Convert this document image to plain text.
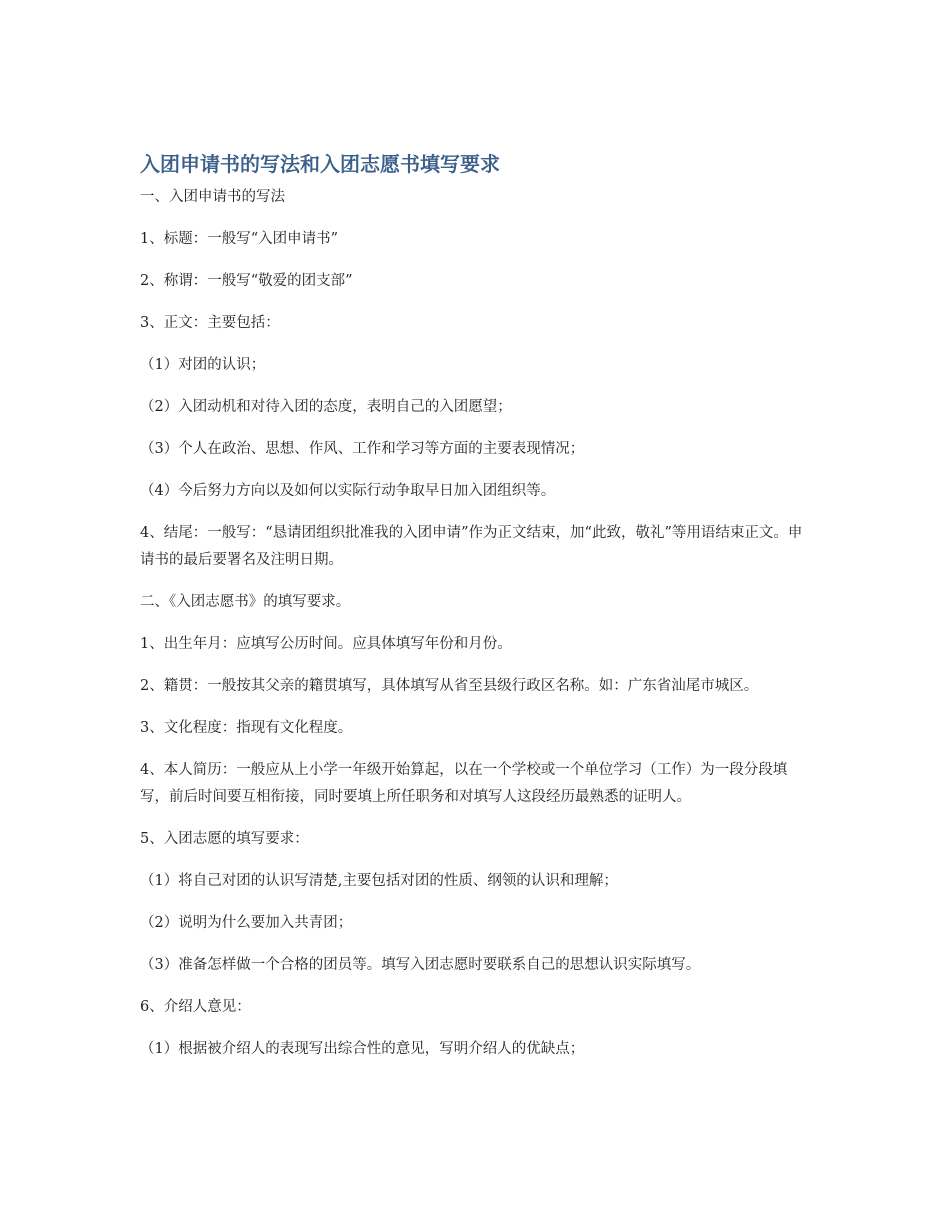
入团申请书的写法和入团志愿书填写要求

一、入团申请书的写法

1、标题：一般写“入团申请书”

2、称谓：一般写“敬爱的团支部”

3、正文：主要包括：

（1）对团的认识；

（2）入团动机和对待入团的态度，表明自己的入团愿望；

（3）个人在政治、思想、作风、工作和学习等方面的主要表现情况；

（4）今后努力方向以及如何以实际行动争取早日加入团组织等。

4、结尾：一般写：“恳请团组织批准我的入团申请”作为正文结束，加“此致，敬礼”等用语结束正文。申请书的最后要署名及注明日期。

二、《入团志愿书》的填写要求。

1、出生年月：应填写公历时间。应具体填写年份和月份。

2、籍贯：一般按其父亲的籍贯填写，具体填写从省至县级行政区名称。如：广东省汕尾市城区。

3、文化程度：指现有文化程度。

4、本人简历：一般应从上小学一年级开始算起，以在一个学校或一个单位学习（工作）为一段分段填写，前后时间要互相衔接，同时要填上所任职务和对填写人这段经历最熟悉的证明人。

5、入团志愿的填写要求：

（1）将自己对团的认识写清楚,主要包括对团的性质、纲领的认识和理解；

（2）说明为什么要加入共青团；

（3）准备怎样做一个合格的团员等。填写入团志愿时要联系自己的思想认识实际填写。

6、介绍人意见：

（1）根据被介绍人的表现写出综合性的意见，写明介绍人的优缺点；
